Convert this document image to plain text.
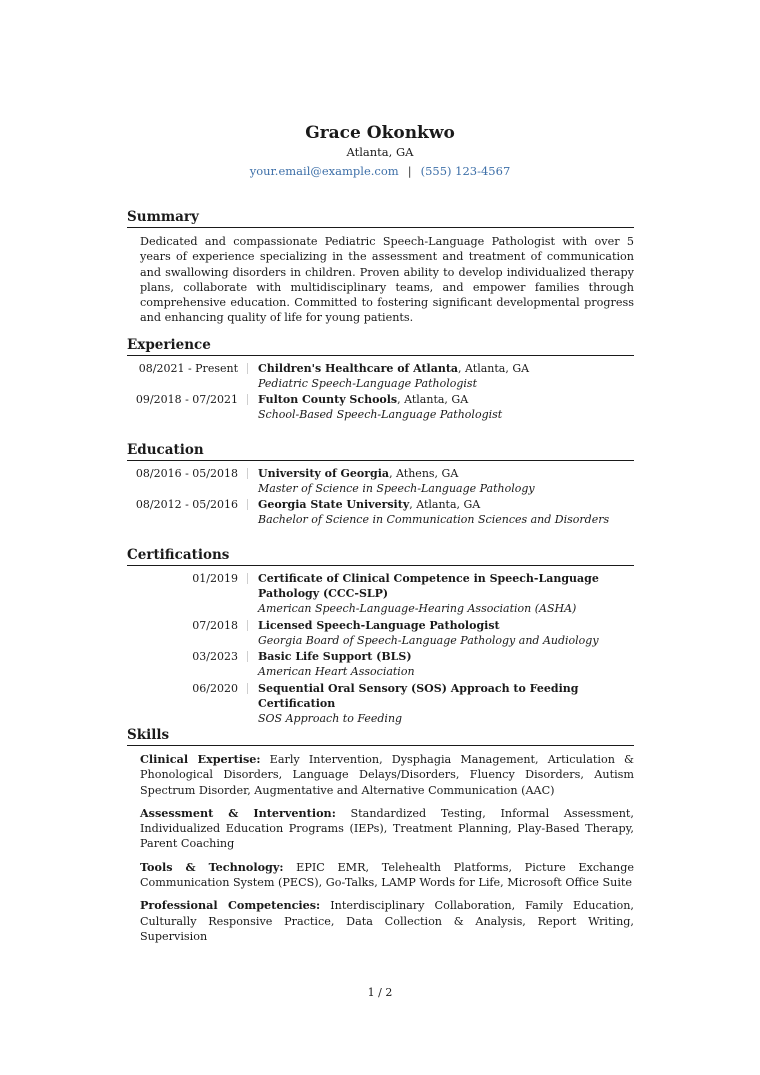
Grace Okonkwo
Atlanta, GA
your.email@example.com | (555) 123-4567
Summary
Dedicated and compassionate Pediatric Speech-Language Pathologist with over 5 years of experience specializing in the assessment and treatment of communication and swallowing disorders in children. Proven ability to develop individualized therapy plans, collaborate with multidisciplinary teams, and empower families through comprehensive education. Committed to fostering significant developmental progress and enhancing quality of life for young patients.
Experience
08/2021 - Present Children's Healthcare of Atlanta, Atlanta, GA
Pediatric Speech-Language Pathologist
09/2018 - 07/2021 Fulton County Schools, Atlanta, GA
School-Based Speech-Language Pathologist
Education
08/2016 - 05/2018 University of Georgia, Athens, GA
Master of Science in Speech-Language Pathology
08/2012 - 05/2016 Georgia State University, Atlanta, GA
Bachelor of Science in Communication Sciences and Disorders
Certifications
01/2019 Certificate of Clinical Competence in Speech-Language Pathology (CCC-SLP)
American Speech-Language-Hearing Association (ASHA)
07/2018 Licensed Speech-Language Pathologist
Georgia Board of Speech-Language Pathology and Audiology
03/2023 Basic Life Support (BLS)
American Heart Association
06/2020 Sequential Oral Sensory (SOS) Approach to Feeding Certification
SOS Approach to Feeding
Skills
Clinical Expertise: Early Intervention, Dysphagia Management, Articulation & Phonological Disorders, Language Delays/Disorders, Fluency Disorders, Autism Spectrum Disorder, Augmentative and Alternative Communication (AAC)
Assessment & Intervention: Standardized Testing, Informal Assessment, Individualized Education Programs (IEPs), Treatment Planning, Play-Based Therapy, Parent Coaching
Tools & Technology: EPIC EMR, Telehealth Platforms, Picture Exchange Communication System (PECS), Go-Talks, LAMP Words for Life, Microsoft Office Suite
Professional Competencies: Interdisciplinary Collaboration, Family Education, Culturally Responsive Practice, Data Collection & Analysis, Report Writing, Supervision
1 / 2
